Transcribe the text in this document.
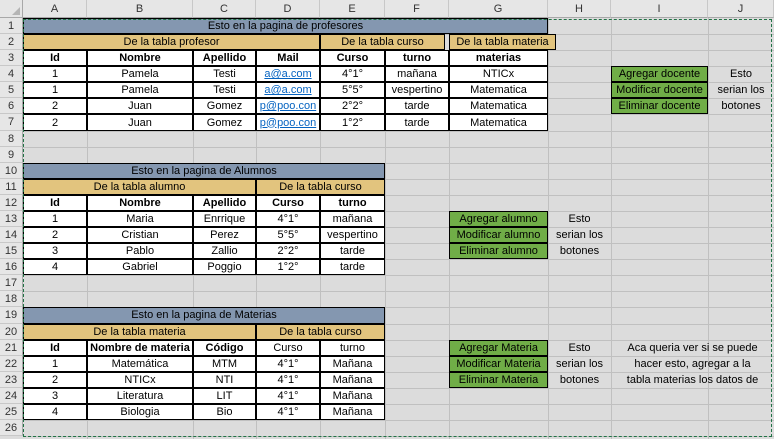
A	B	C	D	E	F	G	H	I	J
1
2
3
4
5
6
7
8
9
10
11
12
13
14
15
16
17
18
19
20
21
22
23
24
25
26
Esto en la pagina de profesores
De la tabla profesor	De la tabla curso	De la tabla materia
Id	Nombre	Apellido	Mail	Curso	turno	materias
1	Pamela	Testi	a@a.com	4°1°	mañana	NTICx
1	Pamela	Testi	a@a.com	5°5°	vespertino	Matematica
2	Juan	Gomez	p@poo.con	2°2°	tarde	Matematica
2	Juan	Gomez	p@poo.con	1°2°	tarde	Matematica
Agregar docente
Modificar docente
Eliminar docente
Esto
serian los
botones
Esto en la pagina de Alumnos
De la tabla alumno	De la tabla curso
Id	Nombre	Apellido	Curso	turno
1	Maria	Enrrique	4°1°	mañana
2	Cristian	Perez	5°5°	vespertino
3	Pablo	Zallio	2°2°	tarde
4	Gabriel	Poggio	1°2°	tarde
Agregar alumno
Modificar alumno
Eliminar alumno
Esto
serian los
botones
Esto en la pagina de Materias
De la tabla materia	De la tabla curso
Id	Nombre de materia	Código	Curso	turno
1	Matemática	MTM	4°1°	Mañana
2	NTICx	NTI	4°1°	Mañana
3	Literatura	LIT	4°1°	Mañana
4	Biologia	Bio	4°1°	Mañana
Agregar Materia
Modificar Materia
Eliminar Materia
Esto
serian los
botones
Aca queria ver si se puede
hacer esto, agregar a la
tabla materias los datos de
